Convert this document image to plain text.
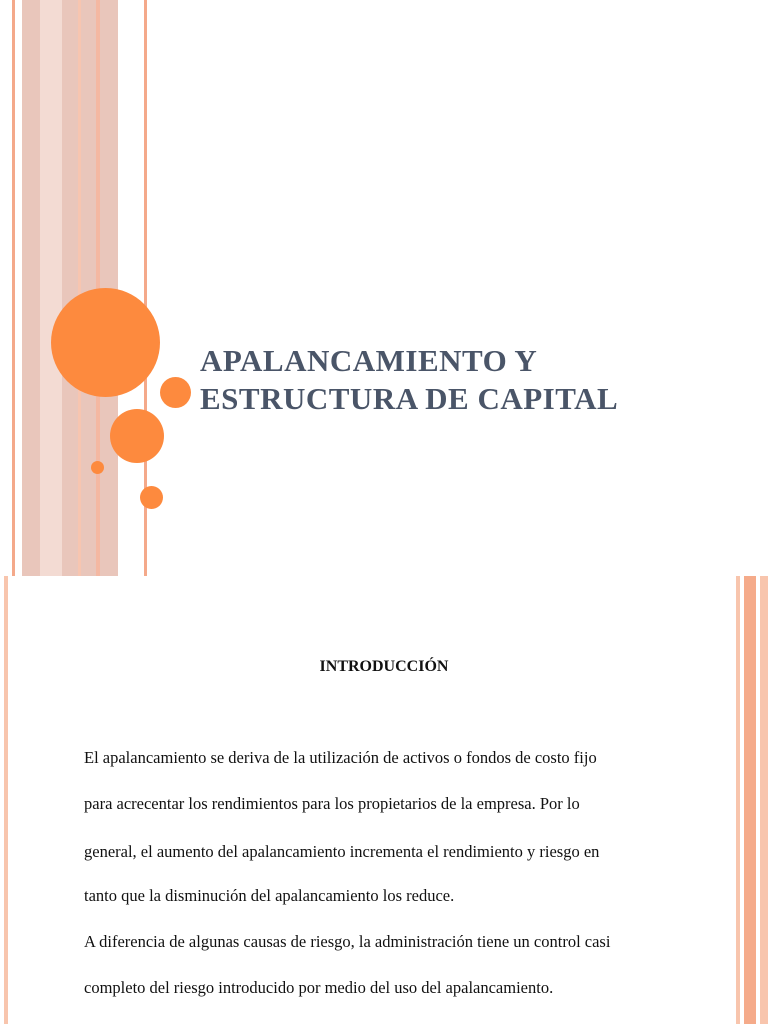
APALANCAMIENTO Y
ESTRUCTURA DE CAPITAL
INTRODUCCIÓN

El apalancamiento se deriva de la utilización de activos o fondos de costo fijo

para acrecentar los rendimientos para los propietarios de la empresa. Por lo

general, el aumento del apalancamiento incrementa el rendimiento y riesgo en

tanto que la disminución del apalancamiento los reduce.

A diferencia de algunas causas de riesgo, la administración tiene un control casi

completo del riesgo introducido por medio del uso del apalancamiento.
